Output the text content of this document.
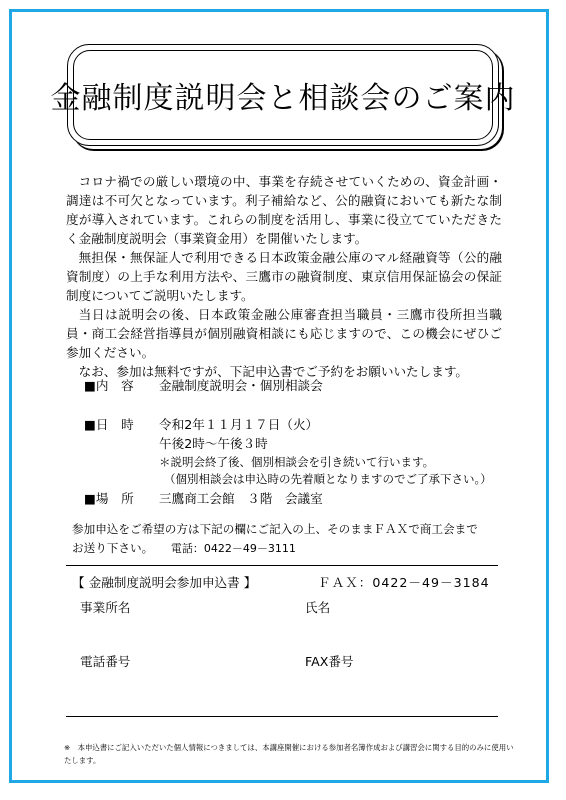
金融制度説明会と相談会のご案内

コロナ禍での厳しい環境の中、事業を存続させていくための、資金計画・調達は不可欠となっています。利子補給など、公的融資においても新たな制度が導入されています。これらの制度を活用し、事業に役立てていただきたく金融制度説明会（事業資金用）を開催いたします。

無担保・無保証人で利用できる日本政策金融公庫のマル経融資等（公的融資制度）の上手な利用方法や、三鷹市の融資制度、東京信用保証協会の保証制度についてご説明いたします。

当日は説明会の後、日本政策金融公庫審査担当職員・三鷹市役所担当職員・商工会経営指導員が個別融資相談にも応じますので、この機会にぜひご参加ください。

なお、参加は無料ですが、下記申込書でご予約をお願いいたします。

■内　容 金融制度説明会・個別相談会
■日　時 令和2年１１月１７日（火）
午後2時～午後３時
＊説明会終了後、個別相談会を引き続いて行います。
（個別相談会は申込時の先着順となりますのでご了承下さい。）
■場　所 三鷹商工会館　３階　会議室
参加申込をご希望の方は下記の欄にご記入の上、そのままＦＡＸで商工会まで
お送り下さい。 電話：0422－49－3111
【 金融制度説明会参加申込書 】	ＦＡＸ：0422－49－3184
事業所名	氏名
電話番号	FAX番号
※　本申込書にご記入いただいた個人情報につきましては、本講座開催における参加者名簿作成および講習会に関する目的のみに使用いたします。
